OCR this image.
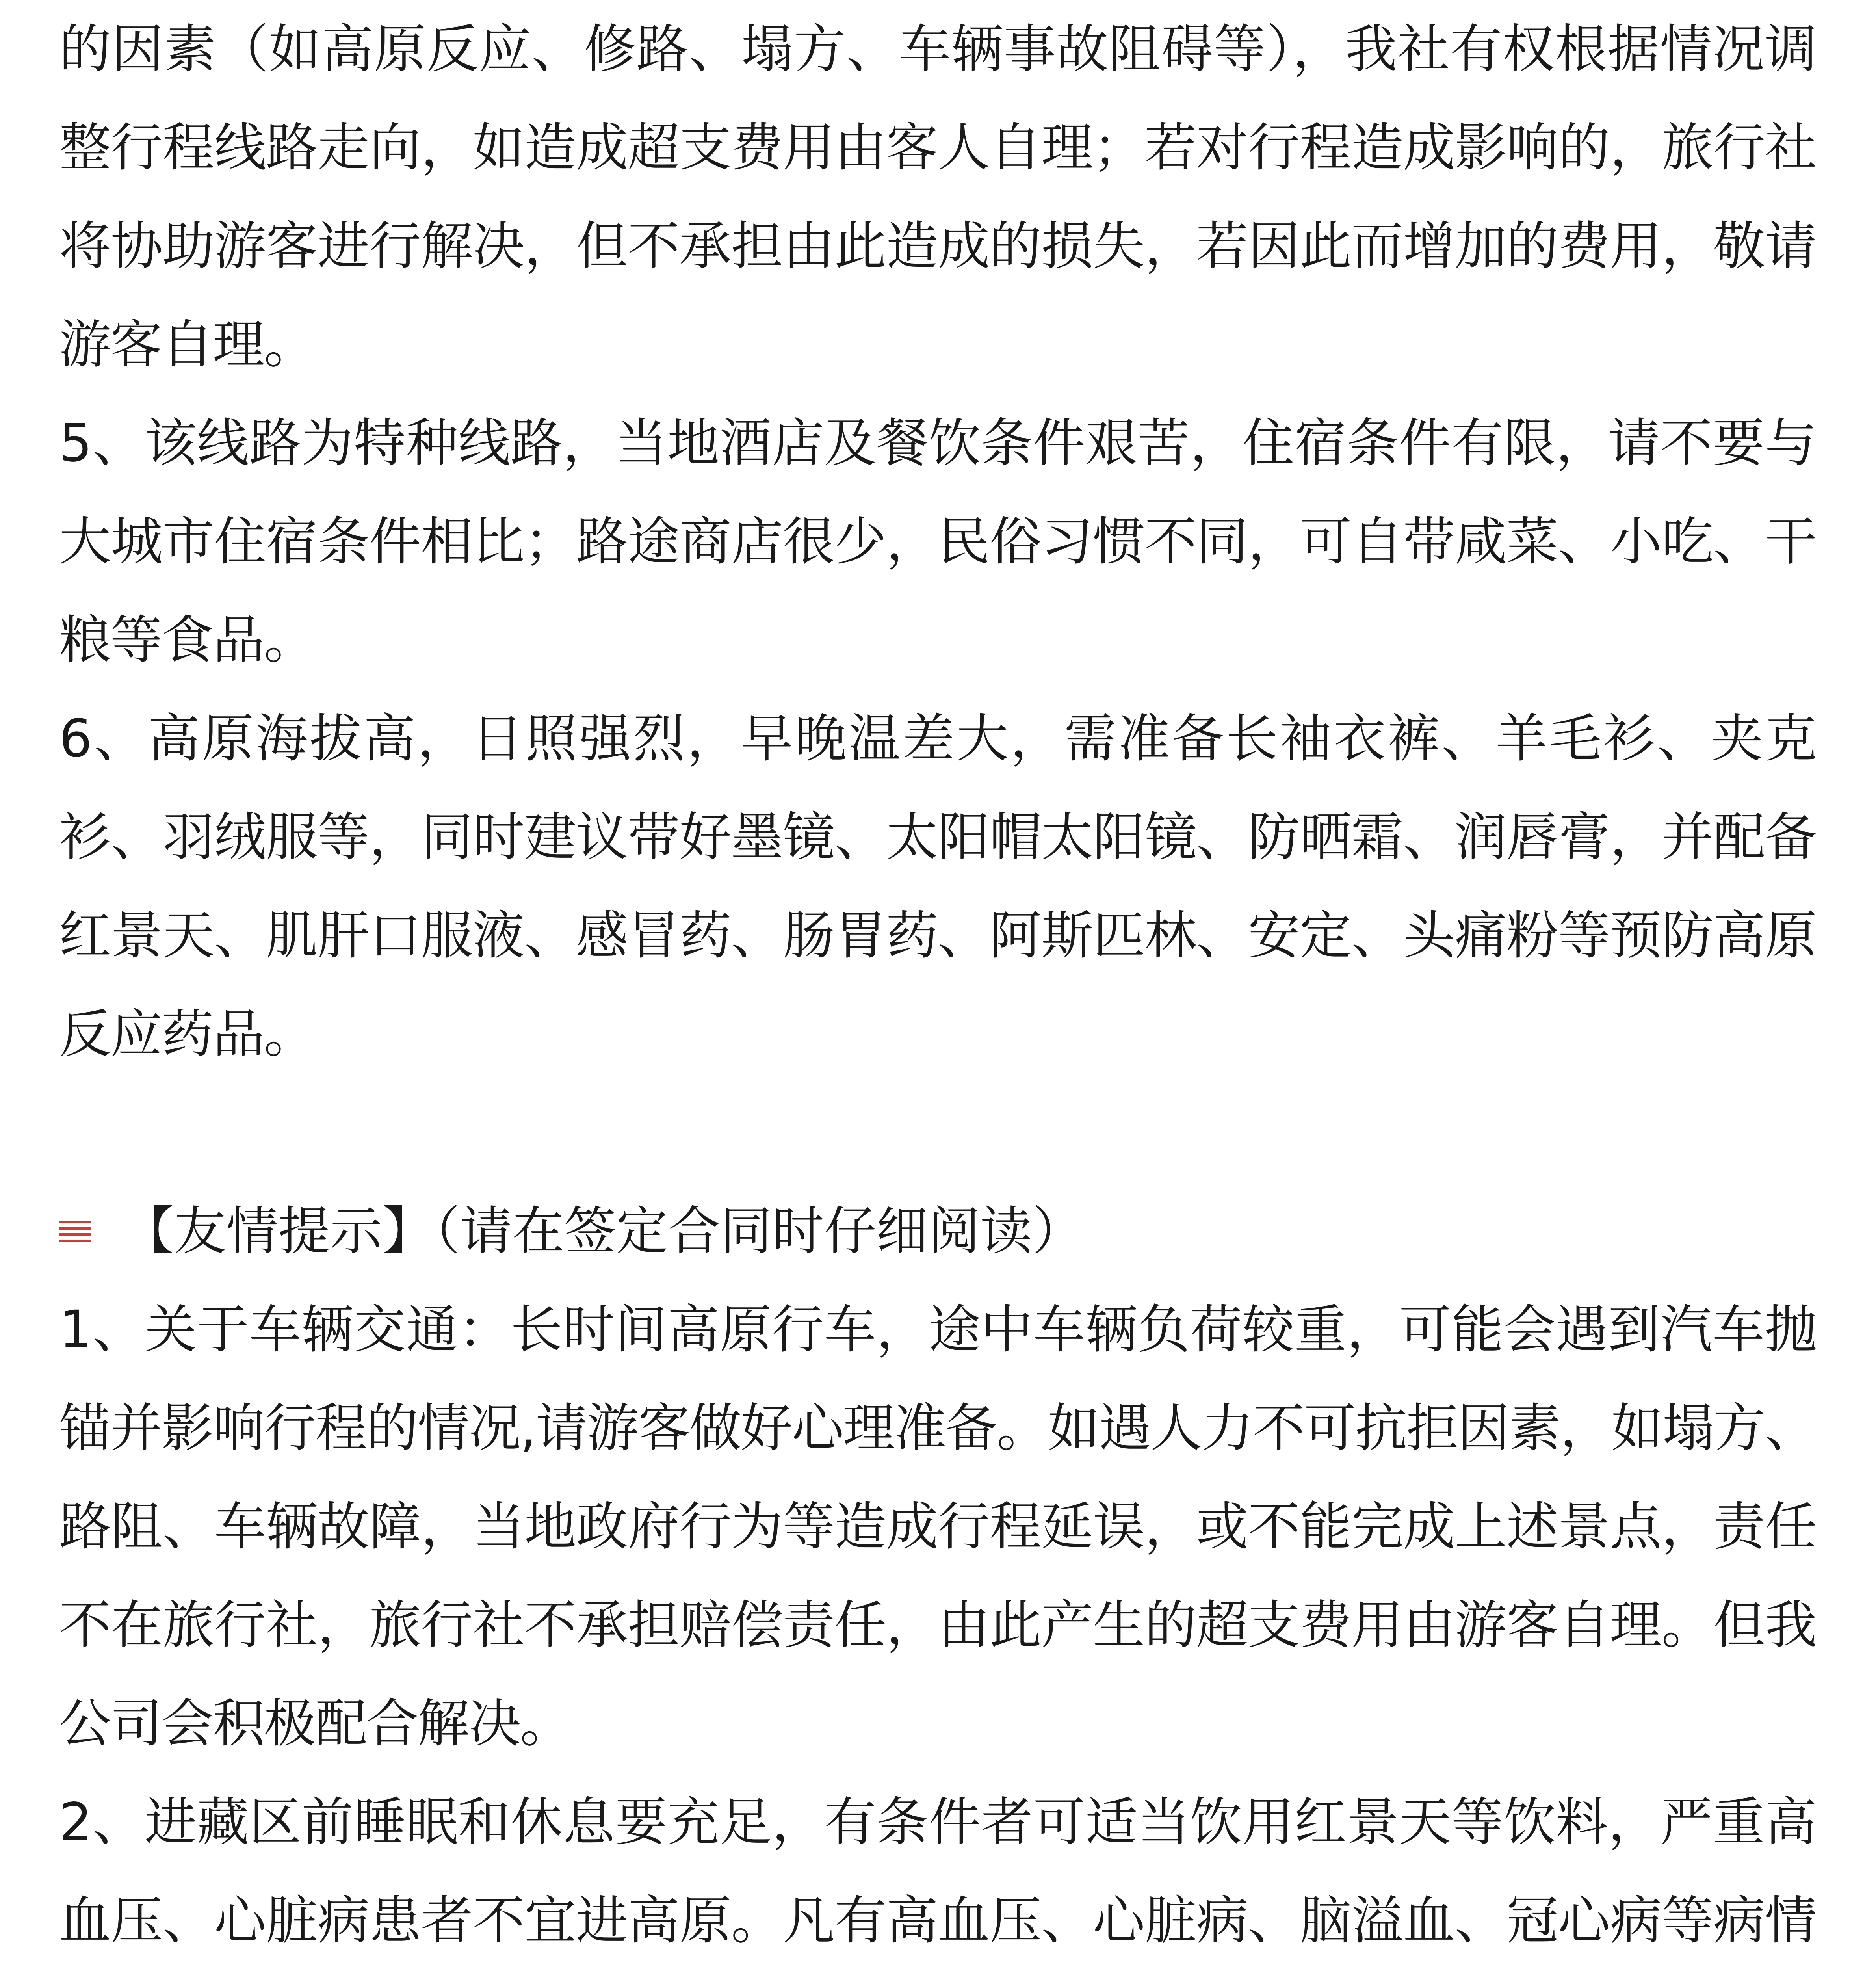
的因素（如高原反应、修路、塌方、车辆事故阻碍等），我社有权根据情况调整行程线路走向，如造成超支费用由客人自理；若对行程造成影响的，旅行社将协助游客进行解决，但不承担由此造成的损失，若因此而增加的费用，敬请游客自理。

5、该线路为特种线路，当地酒店及餐饮条件艰苦，住宿条件有限，请不要与大城市住宿条件相比；路途商店很少，民俗习惯不同，可自带咸菜、小吃、干粮等食品。

6、高原海拔高，日照强烈，早晚温差大，需准备长袖衣裤、羊毛衫、夹克衫、羽绒服等，同时建议带好墨镜、太阳帽太阳镜、防晒霜、润唇膏，并配备红景天、肌肝口服液、感冒药、肠胃药、阿斯匹林、安定、头痛粉等预防高原反应药品。

【友情提示】（请在签定合同时仔细阅读）

1、关于车辆交通：长时间高原行车，途中车辆负荷较重，可能会遇到汽车抛锚并影响行程的情况,请游客做好心理准备。如遇人力不可抗拒因素，如塌方、路阻、车辆故障，当地政府行为等造成行程延误，或不能完成上述景点，责任不在旅行社，旅行社不承担赔偿责任，由此产生的超支费用由游客自理。但我公司会积极配合解决。

2、进藏区前睡眠和休息要充足，有条件者可适当饮用红景天等饮料，严重高血压、心脏病患者不宜进高原。凡有高血压、心脏病、脑溢血、冠心病等病情
